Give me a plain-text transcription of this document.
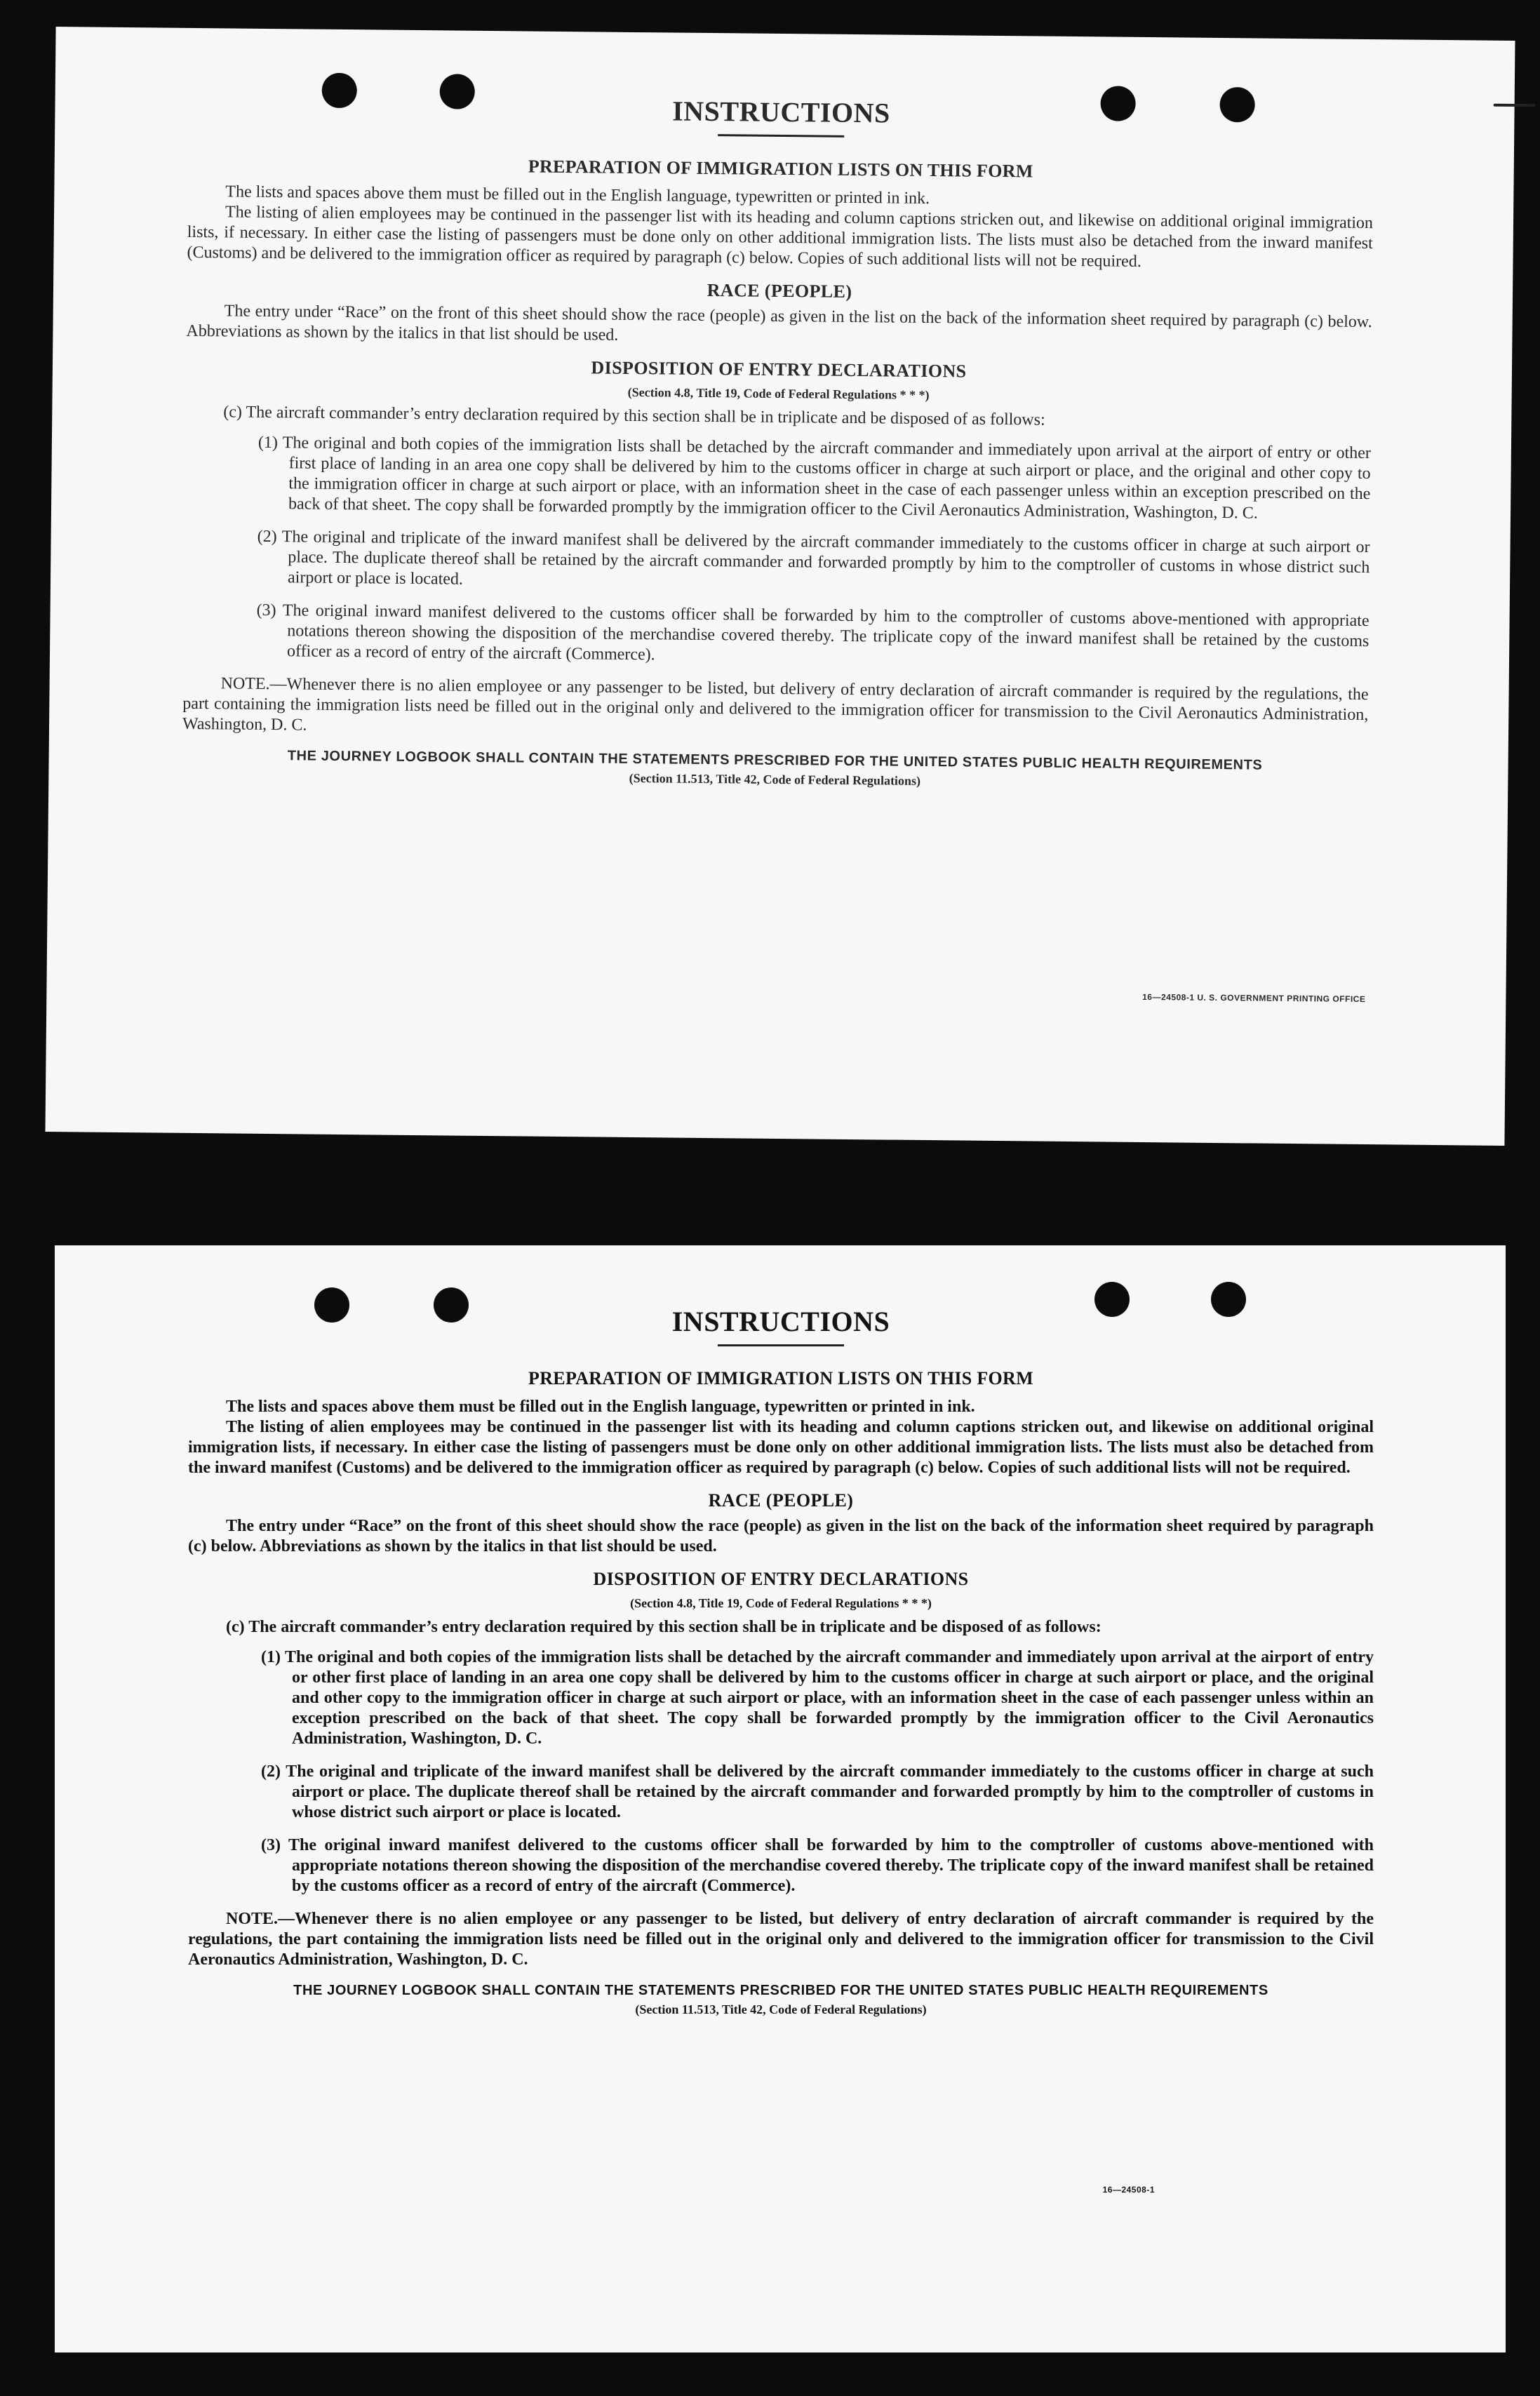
INSTRUCTIONS
PREPARATION OF IMMIGRATION LISTS ON THIS FORM

The lists and spaces above them must be filled out in the English language, typewritten or printed in ink.

The listing of alien employees may be continued in the passenger list with its heading and column captions stricken out, and likewise on additional original immigration lists, if necessary. In either case the listing of passengers must be done only on other additional immigration lists. The lists must also be detached from the inward manifest (Customs) and be delivered to the immigration officer as required by paragraph (c) below. Copies of such additional lists will not be required.

RACE (PEOPLE)

The entry under “Race” on the front of this sheet should show the race (people) as given in the list on the back of the information sheet required by paragraph (c) below. Abbreviations as shown by the italics in that list should be used.

DISPOSITION OF ENTRY DECLARATIONS

(Section 4.8, Title 19, Code of Federal Regulations * * *)

(c) The aircraft commander’s entry declaration required by this section shall be in triplicate and be disposed of as follows:

(1) The original and both copies of the immigration lists shall be detached by the aircraft commander and immediately upon arrival at the airport of entry or other first place of landing in an area one copy shall be delivered by him to the customs officer in charge at such airport or place, and the original and other copy to the immigration officer in charge at such airport or place, with an information sheet in the case of each passenger unless within an exception prescribed on the back of that sheet. The copy shall be forwarded promptly by the immigration officer to the Civil Aeronautics Administration, Washington, D. C.

(2) The original and triplicate of the inward manifest shall be delivered by the aircraft commander immediately to the customs officer in charge at such airport or place. The duplicate thereof shall be retained by the aircraft commander and forwarded promptly by him to the comptroller of customs in whose district such airport or place is located.

(3) The original inward manifest delivered to the customs officer shall be forwarded by him to the comptroller of customs above-mentioned with appropriate notations thereon showing the disposition of the merchandise covered thereby. The triplicate copy of the inward manifest shall be retained by the customs officer as a record of entry of the aircraft (Commerce).

NOTE.—Whenever there is no alien employee or any passenger to be listed, but delivery of entry declaration of aircraft commander is required by the regulations, the part containing the immigration lists need be filled out in the original only and delivered to the immigration officer for transmission to the Civil Aeronautics Administration, Washington, D. C.

THE JOURNEY LOGBOOK SHALL CONTAIN THE STATEMENTS PRESCRIBED FOR THE UNITED STATES PUBLIC HEALTH REQUIREMENTS

(Section 11.513, Title 42, Code of Federal Regulations)

16—24508-1 U. S. GOVERNMENT PRINTING OFFICE
INSTRUCTIONS
PREPARATION OF IMMIGRATION LISTS ON THIS FORM

The lists and spaces above them must be filled out in the English language, typewritten or printed in ink.

The listing of alien employees may be continued in the passenger list with its heading and column captions stricken out, and likewise on additional original immigration lists, if necessary. In either case the listing of passengers must be done only on other additional immigration lists. The lists must also be detached from the inward manifest (Customs) and be delivered to the immigration officer as required by paragraph (c) below. Copies of such additional lists will not be required.

RACE (PEOPLE)

The entry under “Race” on the front of this sheet should show the race (people) as given in the list on the back of the information sheet required by paragraph (c) below. Abbreviations as shown by the italics in that list should be used.

DISPOSITION OF ENTRY DECLARATIONS

(Section 4.8, Title 19, Code of Federal Regulations * * *)

(c) The aircraft commander’s entry declaration required by this section shall be in triplicate and be disposed of as follows:

(1) The original and both copies of the immigration lists shall be detached by the aircraft commander and immediately upon arrival at the airport of entry or other first place of landing in an area one copy shall be delivered by him to the customs officer in charge at such airport or place, and the original and other copy to the immigration officer in charge at such airport or place, with an information sheet in the case of each passenger unless within an exception prescribed on the back of that sheet. The copy shall be forwarded promptly by the immigration officer to the Civil Aeronautics Administration, Washington, D. C.

(2) The original and triplicate of the inward manifest shall be delivered by the aircraft commander immediately to the customs officer in charge at such airport or place. The duplicate thereof shall be retained by the aircraft commander and forwarded promptly by him to the comptroller of customs in whose district such airport or place is located.

(3) The original inward manifest delivered to the customs officer shall be forwarded by him to the comptroller of customs above-mentioned with appropriate notations thereon showing the disposition of the merchandise covered thereby. The triplicate copy of the inward manifest shall be retained by the customs officer as a record of entry of the aircraft (Commerce).

NOTE.—Whenever there is no alien employee or any passenger to be listed, but delivery of entry declaration of aircraft commander is required by the regulations, the part containing the immigration lists need be filled out in the original only and delivered to the immigration officer for transmission to the Civil Aeronautics Administration, Washington, D. C.

THE JOURNEY LOGBOOK SHALL CONTAIN THE STATEMENTS PRESCRIBED FOR THE UNITED STATES PUBLIC HEALTH REQUIREMENTS

(Section 11.513, Title 42, Code of Federal Regulations)

16—24508-1
